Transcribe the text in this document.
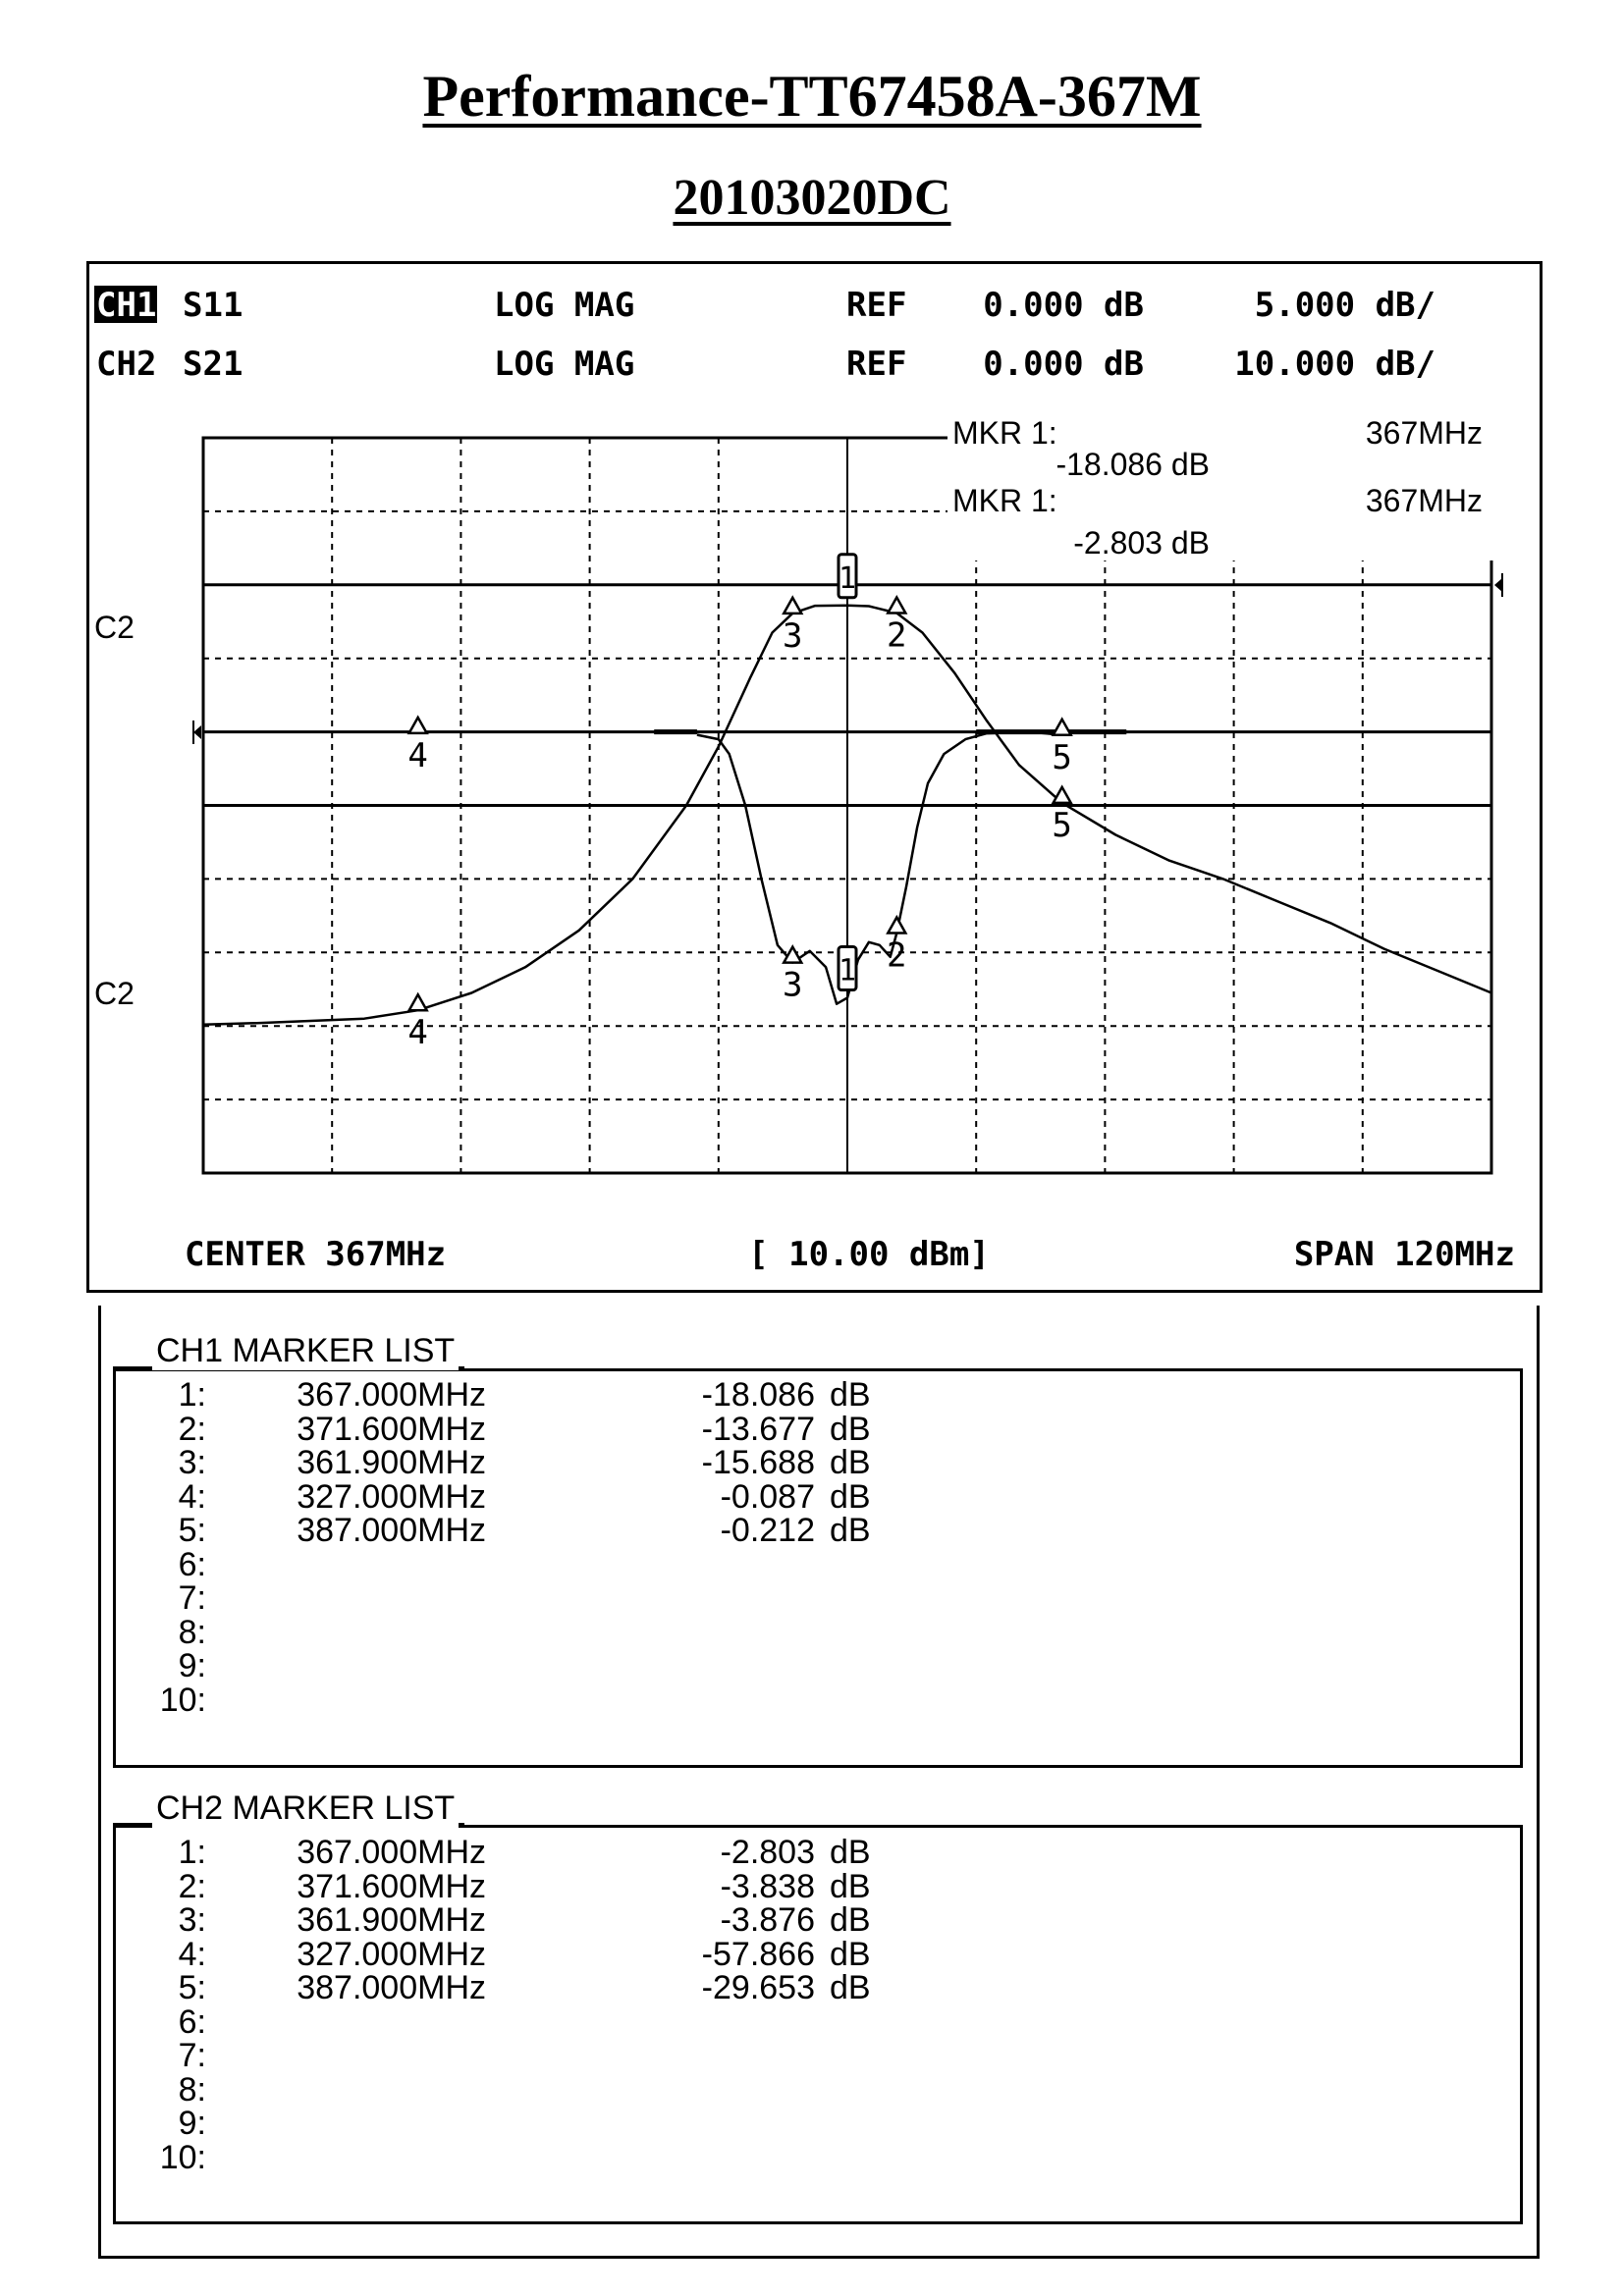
Performance-TT67458A-367M
20103020DC
CH1 S11	LOG MAG	REF 0.000 dB	5.000 dB/
CH2 S21	LOG MAG	REF 0.000 dB	10.000 dB/
C2
C2
MKR 1:	367MHz
-18.086 dB
MKR 1:	367MHz
-2.803 dB
1 2
3
4	5
1
2
3
4
5
CENTER 367MHz	[ 10.00 dBm]	SPAN 120MHz
CH1 MARKER LIST
CH2 MARKER LIST
1:	367.000MHz	-18.086 dB
2:	371.600MHz	-13.677 dB
3:	361.900MHz	-15.688 dB
4:	327.000MHz	-0.087 dB
5:	387.000MHz	-0.212 dB
6:
7:
8:
9:
10:
1:	367.000MHz	-2.803 dB
2:	371.600MHz	-3.838 dB
3:	361.900MHz	-3.876 dB
4:	327.000MHz	-57.866 dB
5:	387.000MHz	-29.653 dB
6:
7:
8:
9:
10:
